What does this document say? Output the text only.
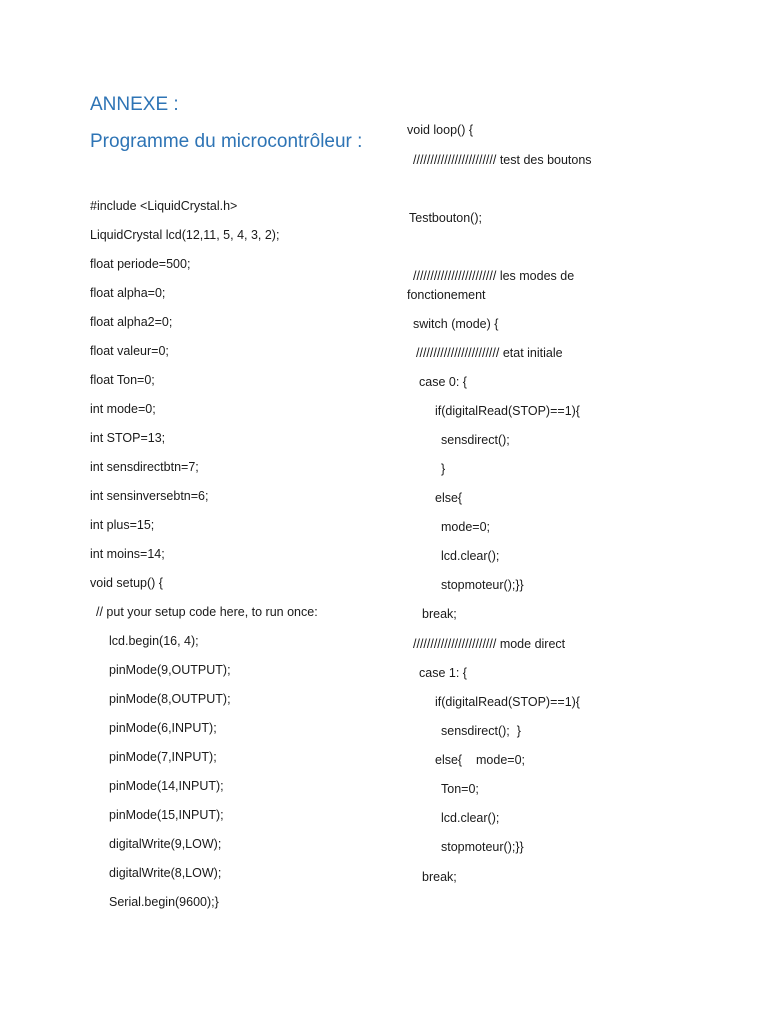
ANNEXE :
Programme du microcontrôleur :
#include <LiquidCrystal.h>
LiquidCrystal lcd(12,11, 5, 4, 3, 2);
float periode=500;
float alpha=0;
float alpha2=0;
float valeur=0;
float Ton=0;
int mode=0;
int STOP=13;
int sensdirectbtn=7;
int sensinversebtn=6;
int plus=15;
int moins=14;
void setup() {
// put your setup code here, to run once:
lcd.begin(16, 4);
pinMode(9,OUTPUT);
pinMode(8,OUTPUT);
pinMode(6,INPUT);
pinMode(7,INPUT);
pinMode(14,INPUT);
pinMode(15,INPUT);
digitalWrite(9,LOW);
digitalWrite(8,LOW);
Serial.begin(9600);}
void loop() {
//////////////////////// test des boutons
Testbouton();
//////////////////////// les modes de
fonctionement
switch (mode) {
//////////////////////// etat initiale
case 0: {
if(digitalRead(STOP)==1){
sensdirect();
}
else{
mode=0;
lcd.clear();
stopmoteur();}}
break;
//////////////////////// mode direct
case 1: {
if(digitalRead(STOP)==1){
sensdirect();  }
else{    mode=0;
Ton=0;
lcd.clear();
stopmoteur();}}
break;
